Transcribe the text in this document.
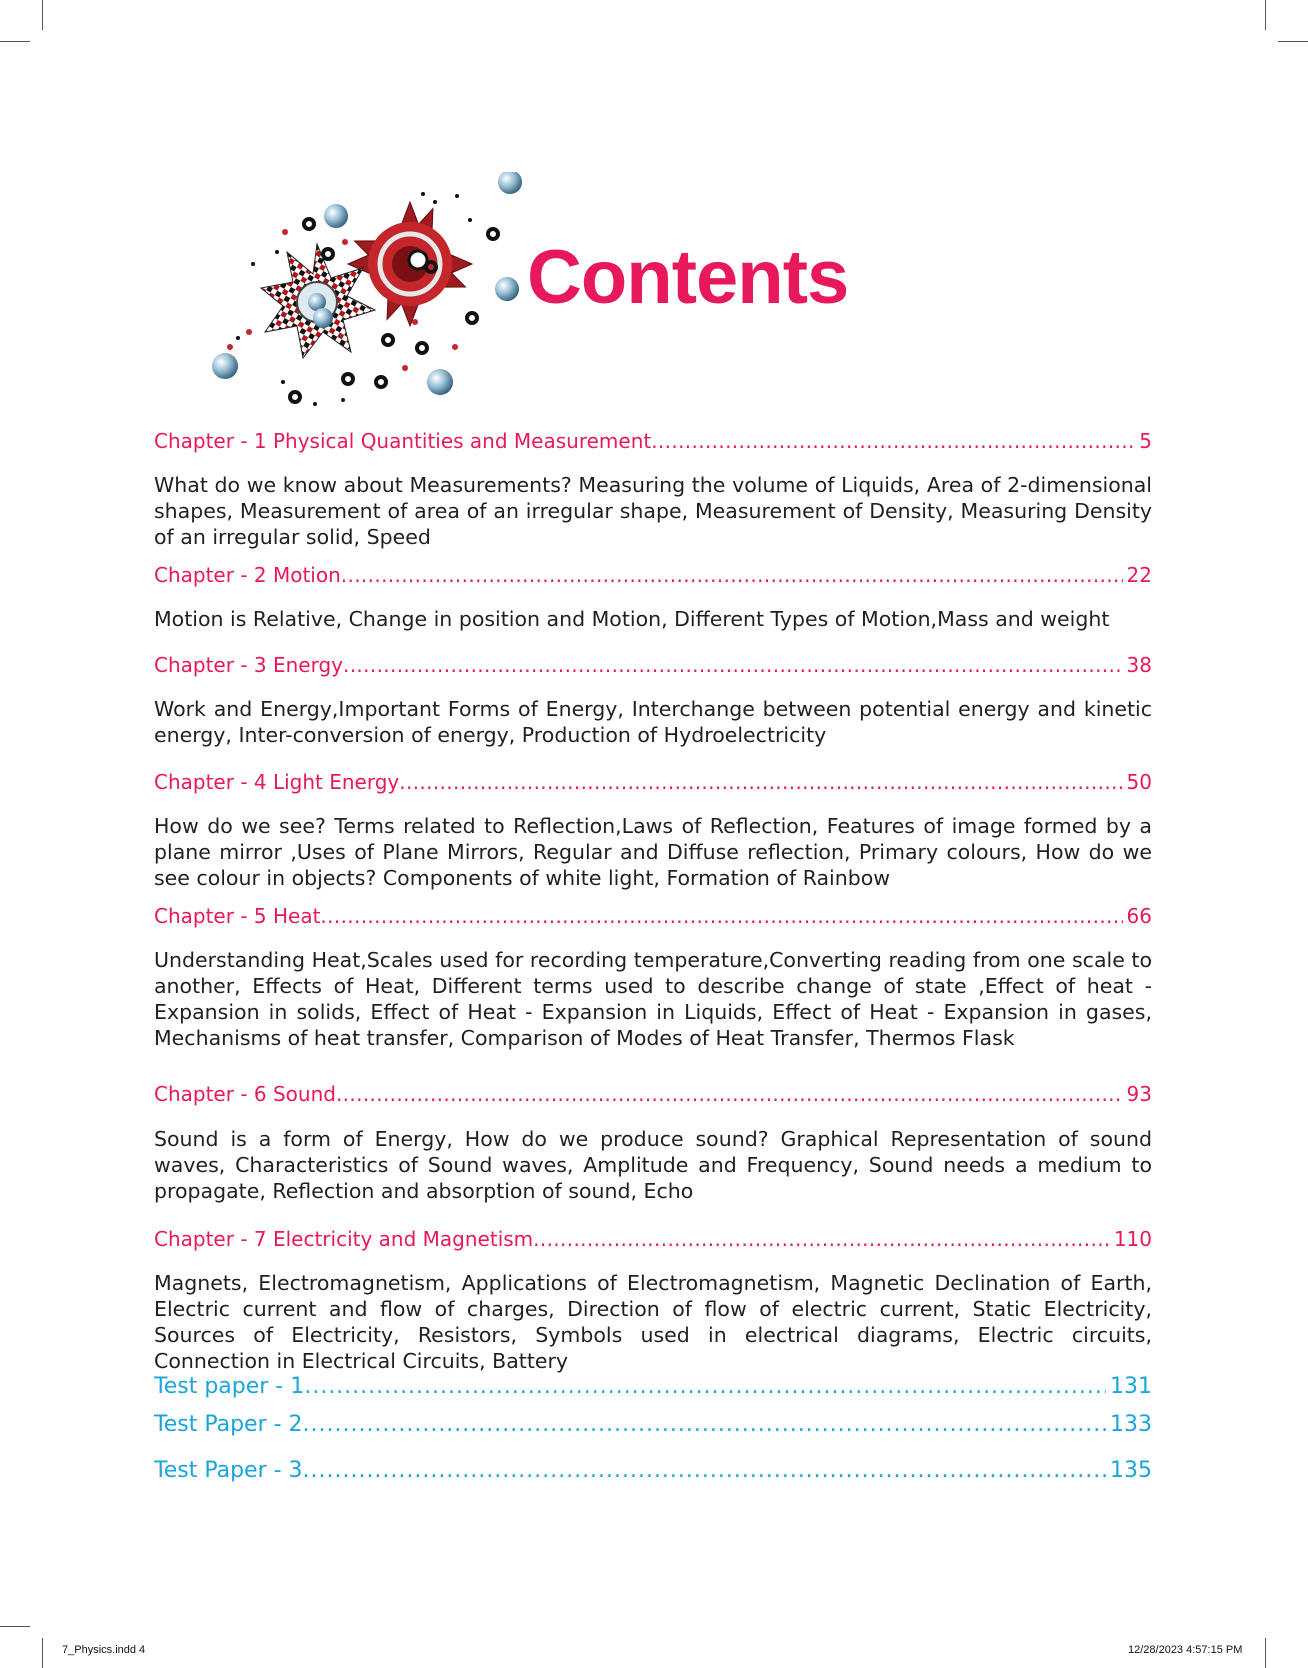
Contents
Chapter - 1 Physical Quantities and Measurement . . .	5

What do we know about Measurements? Measuring the volume of Liquids, Area of 2-dimensional shapes, Measurement of area of an irregular shape, Measurement of Density, Measuring Density of an irregular solid, Speed

Chapter - 2 Motion . . .	22

Motion is Relative, Change in position and Motion, Different Types of Motion,Mass and weight

Chapter - 3 Energy . . .	38

Work and Energy,Important Forms of Energy, Interchange between potential energy and kinetic energy, Inter-conversion of energy, Production of Hydroelectricity

Chapter - 4 Light Energy . . .	50

How do we see? Terms related to Reflection,Laws of Reflection, Features of image formed by a plane mirror ,Uses of Plane Mirrors, Regular and Diffuse reflection, Primary colours, How do we see colour in objects? Components of white light, Formation of Rainbow

Chapter - 5 Heat . . .	66

Understanding Heat,Scales used for recording temperature,Converting reading from one scale to another, Effects of Heat, Different terms used to describe change of state ,Effect of heat - Expansion in solids, Effect of Heat - Expansion in Liquids, Effect of Heat - Expansion in gases, Mechanisms of heat transfer, Comparison of Modes of Heat Transfer, Thermos Flask

Chapter - 6 Sound . . .	93

Sound is a form of Energy, How do we produce sound? Graphical Representation of sound waves, Characteristics of Sound waves, Amplitude and Frequency, Sound needs a medium to propagate, Reflection and absorption of sound, Echo

Chapter - 7 Electricity and Magnetism . . .	110

Magnets, Electromagnetism, Applications of Electromagnetism, Magnetic Declination of Earth, Electric current and flow of charges, Direction of flow of electric current, Static Electricity, Sources of Electricity, Resistors, Symbols used in electrical diagrams, Electric circuits, Connection in Electrical Circuits, Battery

Test paper - 1 . . .	131
Test Paper - 2 . . .	133
Test Paper - 3 . . .	135
7_Physics.indd 4	12/28/2023 4:57:15 PM
